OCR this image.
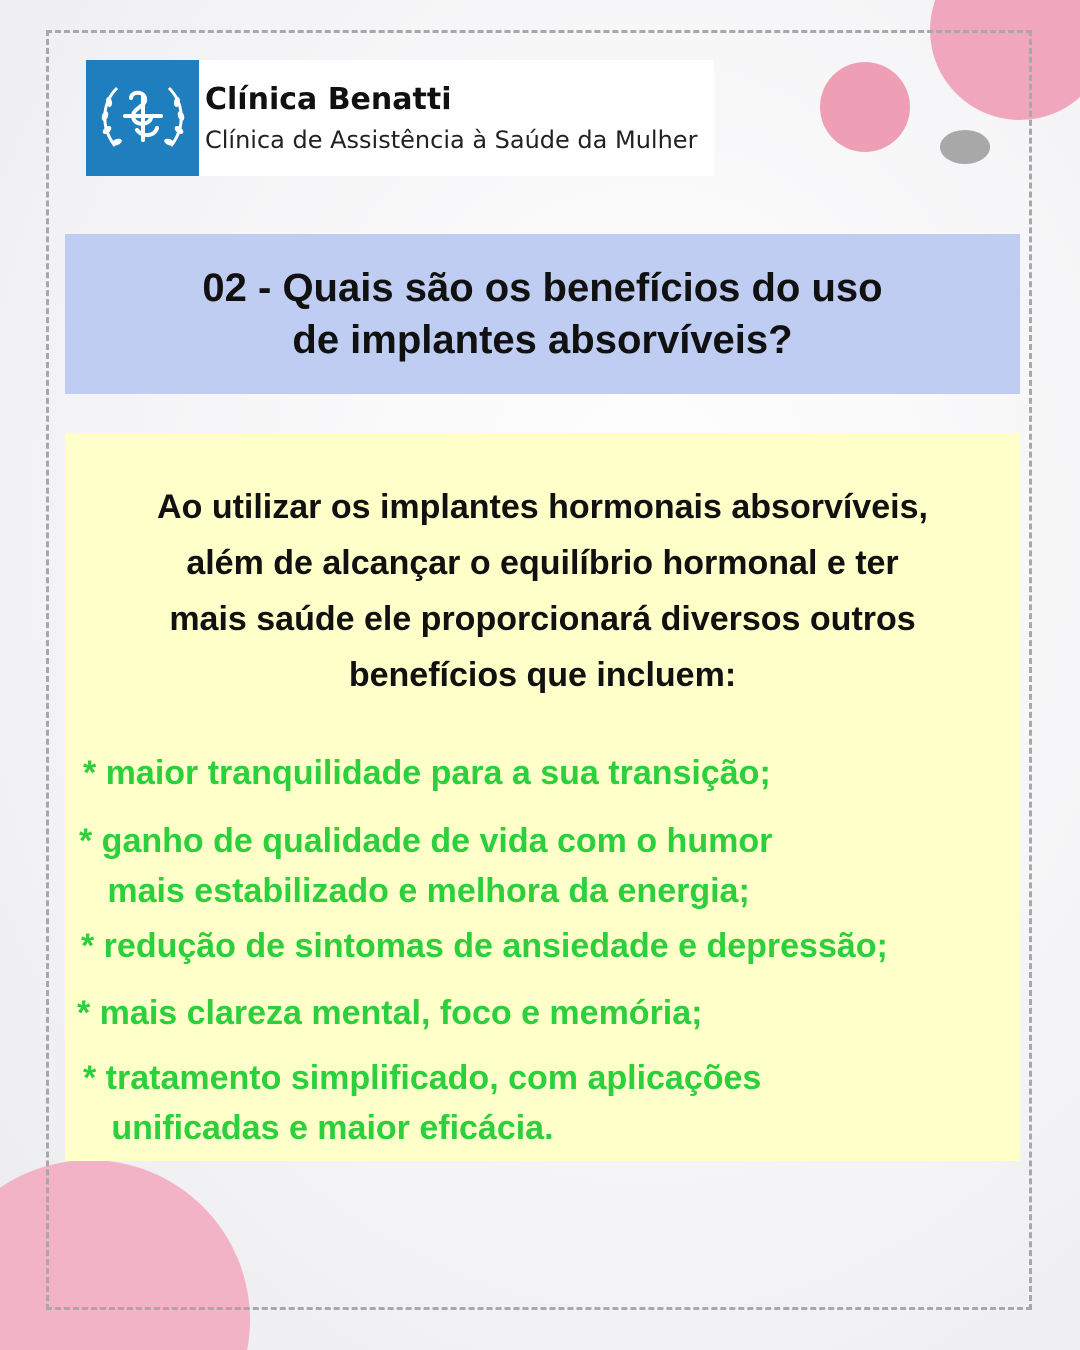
Clínica Benatti
Clínica de Assistência à Saúde da Mulher
02 - Quais são os benefícios do uso
de implantes absorvíveis?
Ao utilizar os implantes hormonais absorvíveis,
além de alcançar o equilíbrio hormonal e ter
mais saúde ele proporcionará diversos outros
benefícios que incluem:
* maior tranquilidade para a sua transição;
* ganho de qualidade de vida com o humor
mais estabilizado e melhora da energia;
* redução de sintomas de ansiedade e depressão;
* mais clareza mental, foco e memória;
* tratamento simplificado, com aplicações
unificadas e maior eficácia.
